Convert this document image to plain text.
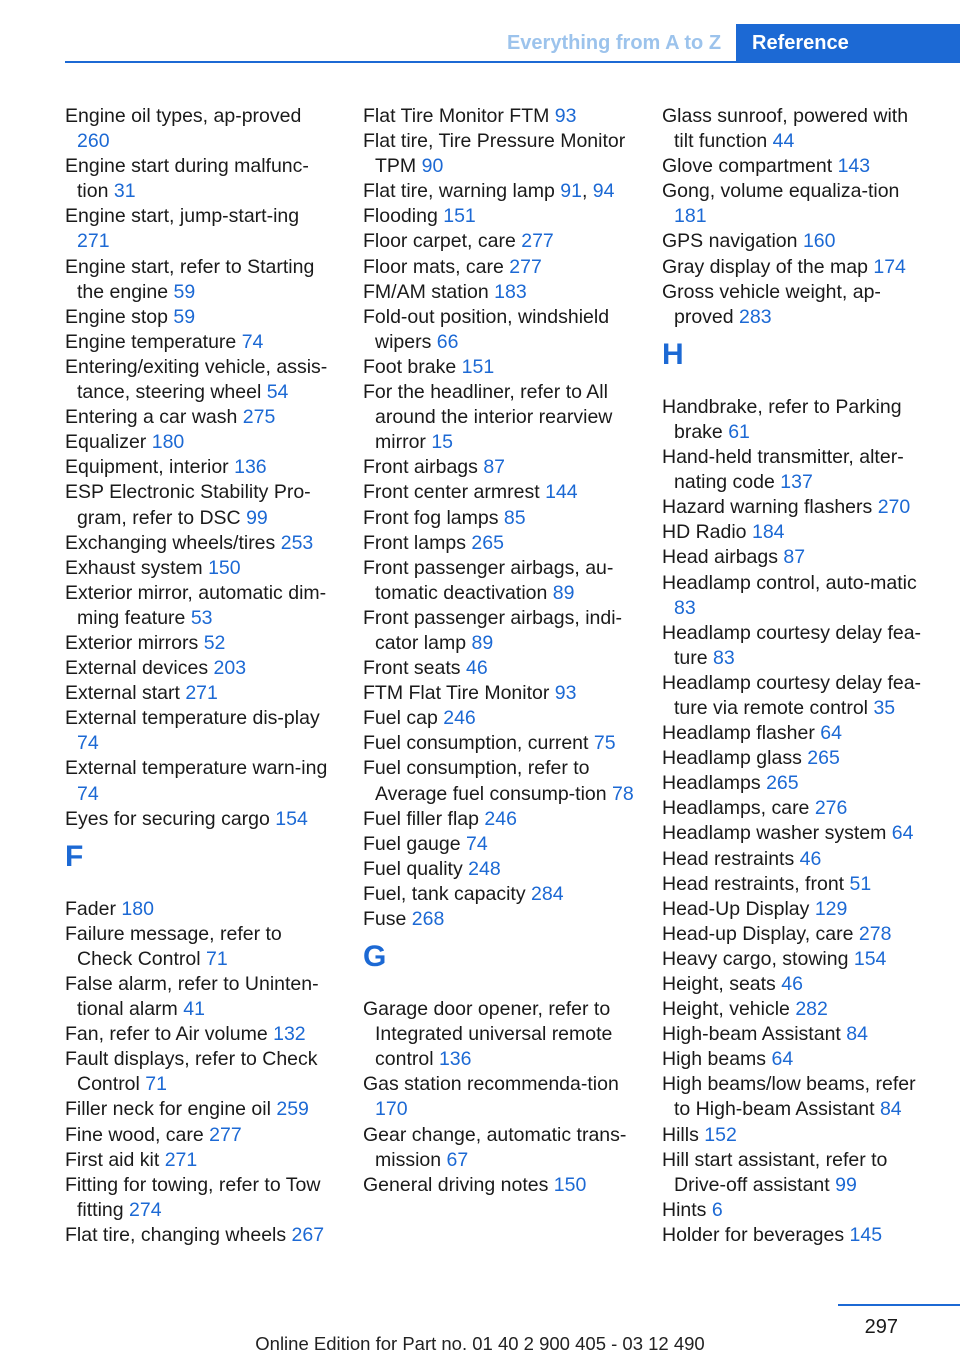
Everything from A to Z	Reference
Engine oil types, ap-proved 260
Engine start during malfunc-tion 31
Engine start, jump-start-ing 271
Engine start, refer to Starting the engine 59
Engine stop 59
Engine temperature 74
Entering/exiting vehicle, assis-tance, steering wheel 54
Entering a car wash 275
Equalizer 180
Equipment, interior 136
ESP Electronic Stability Pro-gram, refer to DSC 99
Exchanging wheels/tires 253
Exhaust system 150
Exterior mirror, automatic dim-ming feature 53
Exterior mirrors 52
External devices 203
External start 271
External temperature dis-play 74
External temperature warn-ing 74
Eyes for securing cargo 154
F
Fader 180
Failure message, refer to Check Control 71
False alarm, refer to Uninten-tional alarm 41
Fan, refer to Air volume 132
Fault displays, refer to Check Control 71
Filler neck for engine oil 259
Fine wood, care 277
First aid kit 271
Fitting for towing, refer to Tow fitting 274
Flat tire, changing wheels 267
Flat Tire Monitor FTM 93
Flat tire, Tire Pressure Monitor TPM 90
Flat tire, warning lamp 91, 94
Flooding 151
Floor carpet, care 277
Floor mats, care 277
FM/AM station 183
Fold-out position, windshield wipers 66
Foot brake 151
For the headliner, refer to All around the interior rearview mirror 15
Front airbags 87
Front center armrest 144
Front fog lamps 85
Front lamps 265
Front passenger airbags, au-tomatic deactivation 89
Front passenger airbags, indi-cator lamp 89
Front seats 46
FTM Flat Tire Monitor 93
Fuel cap 246
Fuel consumption, current 75
Fuel consumption, refer to Average fuel consump-tion 78
Fuel filler flap 246
Fuel gauge 74
Fuel quality 248
Fuel, tank capacity 284
Fuse 268
G
Garage door opener, refer to Integrated universal remote control 136
Gas station recommenda-tion 170
Gear change, automatic trans-mission 67
General driving notes 150
Glass sunroof, powered with tilt function 44
Glove compartment 143
Gong, volume equaliza-tion 181
GPS navigation 160
Gray display of the map 174
Gross vehicle weight, ap-proved 283
H
Handbrake, refer to Parking brake 61
Hand-held transmitter, alter-nating code 137
Hazard warning flashers 270
HD Radio 184
Head airbags 87
Headlamp control, auto-matic 83
Headlamp courtesy delay fea-ture 83
Headlamp courtesy delay fea-ture via remote control 35
Headlamp flasher 64
Headlamp glass 265
Headlamps 265
Headlamps, care 276
Headlamp washer system 64
Head restraints 46
Head restraints, front 51
Head-Up Display 129
Head-up Display, care 278
Heavy cargo, stowing 154
Height, seats 46
Height, vehicle 282
High-beam Assistant 84
High beams 64
High beams/low beams, refer to High-beam Assistant 84
Hills 152
Hill start assistant, refer to Drive-off assistant 99
Hints 6
Holder for beverages 145
297
Online Edition for Part no. 01 40 2 900 405 - 03 12 490
